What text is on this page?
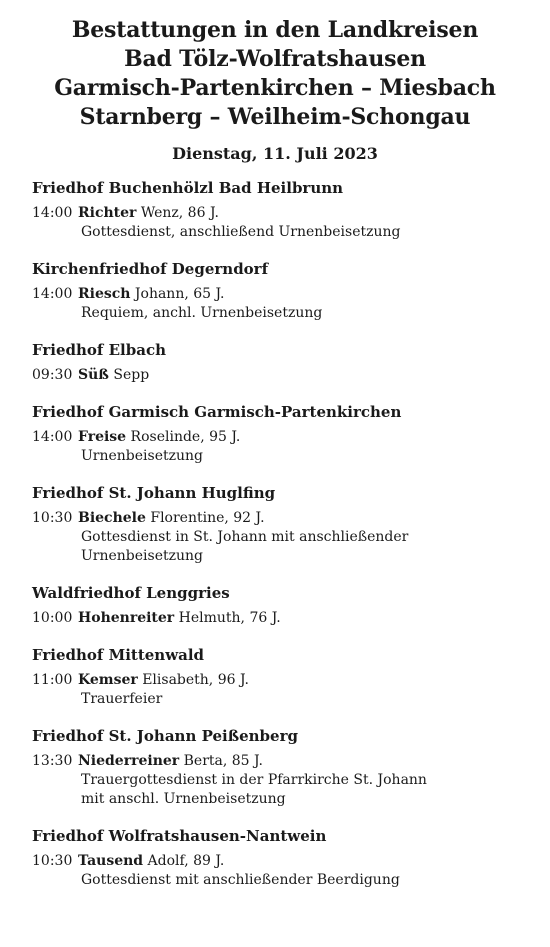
Bestattungen in den Landkreisen
Bad Tölz-Wolfratshausen
Garmisch-Partenkirchen – Miesbach
Starnberg – Weilheim-Schongau
Dienstag, 11. Juli 2023
Friedhof Buchenhölzl Bad Heilbrunn
14:00 Richter Wenz, 86 J.
Gottesdienst, anschließend Urnenbeisetzung
Kirchenfriedhof Degerndorf
14:00 Riesch Johann, 65 J.
Requiem, anchl. Urnenbeisetzung
Friedhof Elbach
09:30 Süß Sepp
Friedhof Garmisch Garmisch-Partenkirchen
14:00 Freise Roselinde, 95 J.
Urnenbeisetzung
Friedhof St. Johann Huglfing
10:30 Biechele Florentine, 92 J.
Gottesdienst in St. Johann mit anschließender
Urnenbeisetzung
Waldfriedhof Lenggries
10:00 Hohenreiter Helmuth, 76 J.
Friedhof Mittenwald
11:00 Kemser Elisabeth, 96 J.
Trauerfeier
Friedhof St. Johann Peißenberg
13:30 Niederreiner Berta, 85 J.
Trauergottesdienst in der Pfarrkirche St. Johann
mit anschl. Urnenbeisetzung
Friedhof Wolfratshausen-Nantwein
10:30 Tausend Adolf, 89 J.
Gottesdienst mit anschließender Beerdigung
